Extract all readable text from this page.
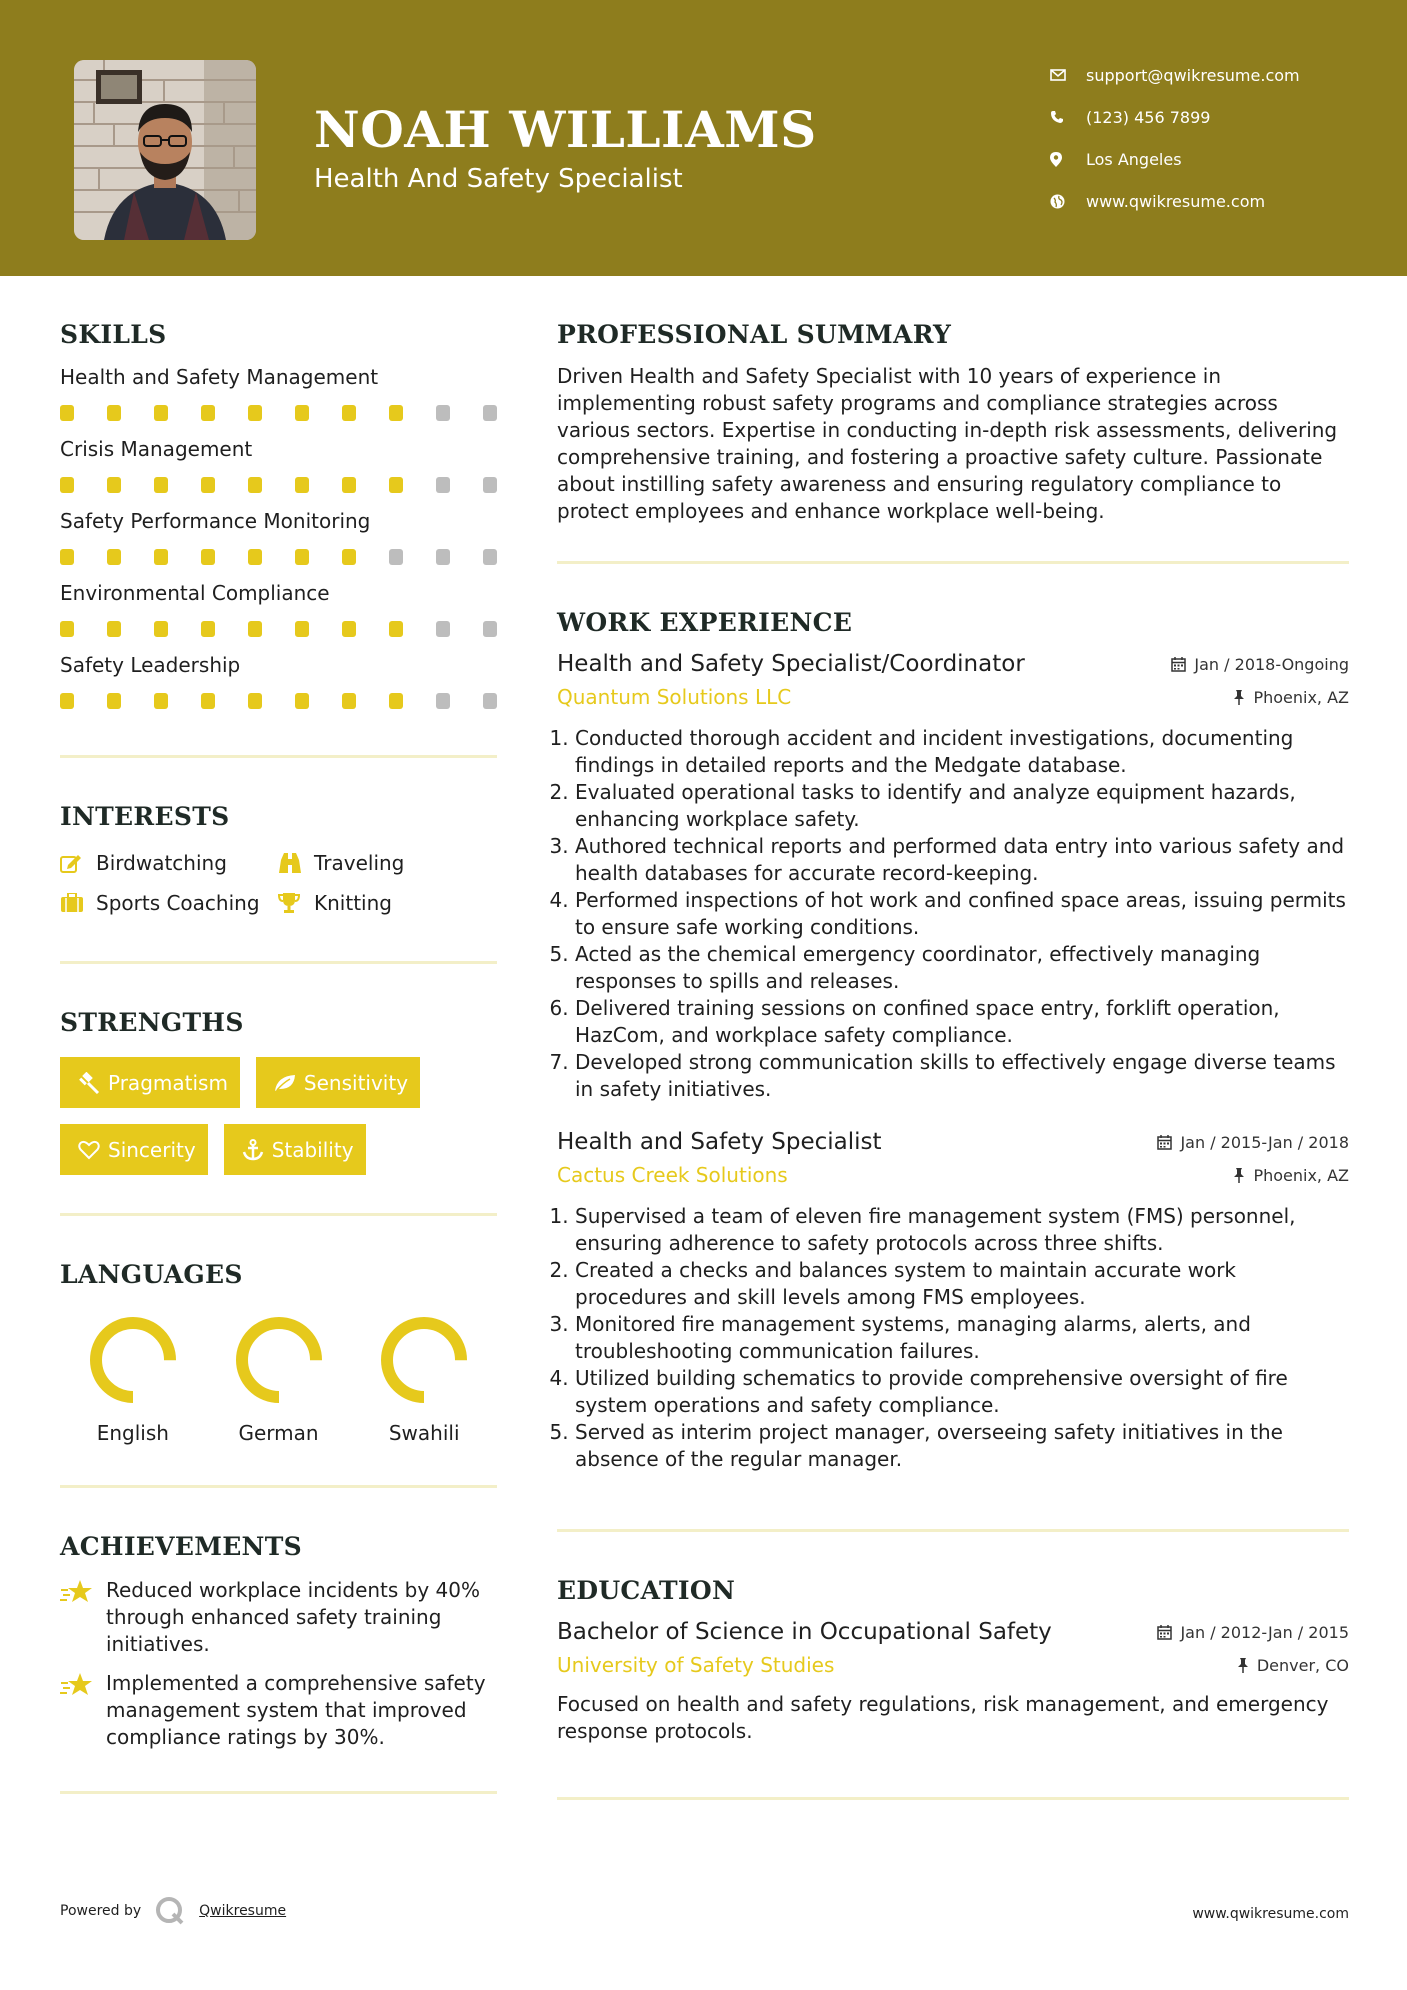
NOAH WILLIAMS
Health And Safety Specialist
support@qwikresume.com
(123) 456 7899
Los Angeles
www.qwikresume.com
SKILLS
Health and Safety Management
Crisis Management
Safety Performance Monitoring
Environmental Compliance
Safety Leadership
INTERESTS
Birdwatching	Traveling
Sports Coaching	Knitting
STRENGTHS
Pragmatism	Sensitivity
Sincerity	Stability
LANGUAGES
English	German	Swahili
ACHIEVEMENTS
Reduced workplace incidents by 40% through enhanced safety training initiatives.
Implemented a comprehensive safety management system that improved compliance ratings by 30%.
PROFESSIONAL SUMMARY
Driven Health and Safety Specialist with 10 years of experience in implementing robust safety programs and compliance strategies across various sectors. Expertise in conducting in-depth risk assessments, delivering comprehensive training, and fostering a proactive safety culture. Passionate about instilling safety awareness and ensuring regulatory compliance to protect employees and enhance workplace well-being.
WORK EXPERIENCE
Health and Safety Specialist/Coordinator	Jan / 2018-Ongoing
Quantum Solutions LLC	Phoenix, AZ
1. Conducted thorough accident and incident investigations, documenting findings in detailed reports and the Medgate database.
2. Evaluated operational tasks to identify and analyze equipment hazards, enhancing workplace safety.
3. Authored technical reports and performed data entry into various safety and health databases for accurate record-keeping.
4. Performed inspections of hot work and confined space areas, issuing permits to ensure safe working conditions.
5. Acted as the chemical emergency coordinator, effectively managing responses to spills and releases.
6. Delivered training sessions on confined space entry, forklift operation, HazCom, and workplace safety compliance.
7. Developed strong communication skills to effectively engage diverse teams in safety initiatives.
Health and Safety Specialist	Jan / 2015-Jan / 2018
Cactus Creek Solutions	Phoenix, AZ
1. Supervised a team of eleven fire management system (FMS) personnel, ensuring adherence to safety protocols across three shifts.
2. Created a checks and balances system to maintain accurate work procedures and skill levels among FMS employees.
3. Monitored fire management systems, managing alarms, alerts, and troubleshooting communication failures.
4. Utilized building schematics to provide comprehensive oversight of fire system operations and safety compliance.
5. Served as interim project manager, overseeing safety initiatives in the absence of the regular manager.
EDUCATION
Bachelor of Science in Occupational Safety	Jan / 2012-Jan / 2015
University of Safety Studies	Denver, CO
Focused on health and safety regulations, risk management, and emergency response protocols.
Powered by	Qwikresume	www.qwikresume.com
